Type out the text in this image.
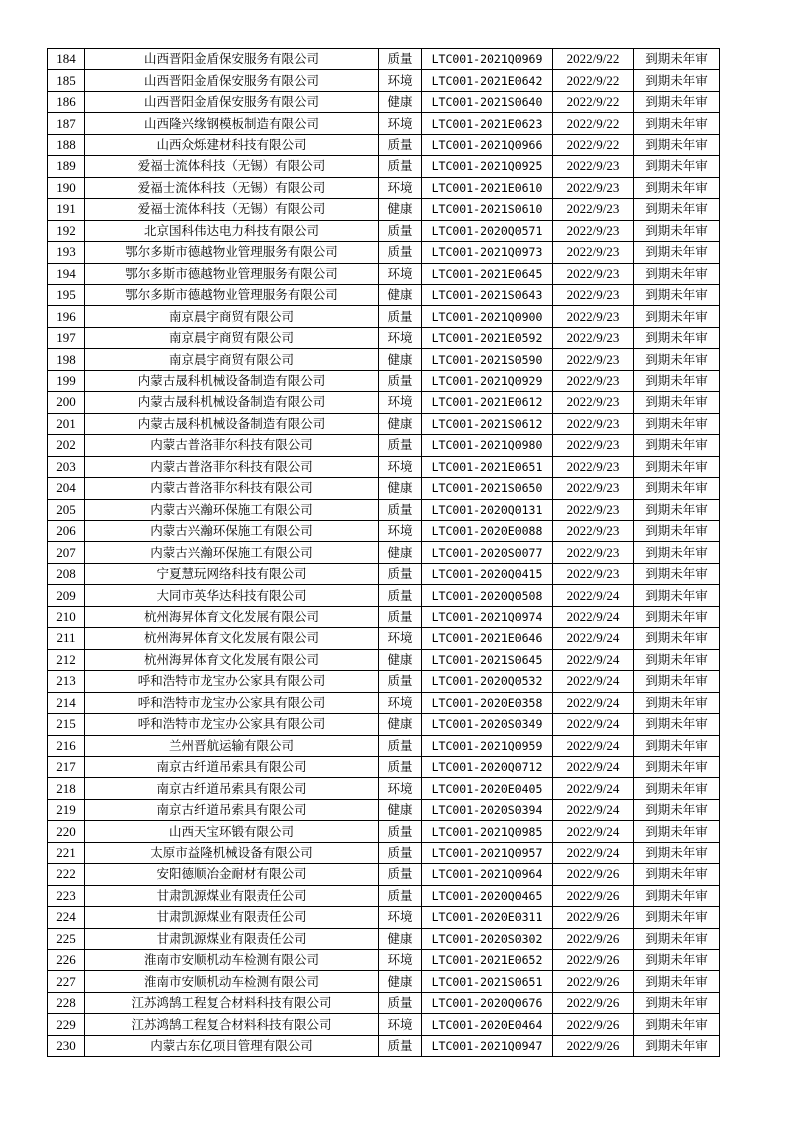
184	山西晋阳金盾保安服务有限公司	质量	LTC001-2021Q0969	2022/9/22	到期未年审
185	山西晋阳金盾保安服务有限公司	环境	LTC001-2021E0642	2022/9/22	到期未年审
186	山西晋阳金盾保安服务有限公司	健康	LTC001-2021S0640	2022/9/22	到期未年审
187	山西隆兴缘钢模板制造有限公司	环境	LTC001-2021E0623	2022/9/22	到期未年审
188	山西众烁建材科技有限公司	质量	LTC001-2021Q0966	2022/9/22	到期未年审
189	爱福士流体科技（无锡）有限公司	质量	LTC001-2021Q0925	2022/9/23	到期未年审
190	爱福士流体科技（无锡）有限公司	环境	LTC001-2021E0610	2022/9/23	到期未年审
191	爱福士流体科技（无锡）有限公司	健康	LTC001-2021S0610	2022/9/23	到期未年审
192	北京国科伟达电力科技有限公司	质量	LTC001-2020Q0571	2022/9/23	到期未年审
193	鄂尔多斯市德越物业管理服务有限公司	质量	LTC001-2021Q0973	2022/9/23	到期未年审
194	鄂尔多斯市德越物业管理服务有限公司	环境	LTC001-2021E0645	2022/9/23	到期未年审
195	鄂尔多斯市德越物业管理服务有限公司	健康	LTC001-2021S0643	2022/9/23	到期未年审
196	南京晨宇商贸有限公司	质量	LTC001-2021Q0900	2022/9/23	到期未年审
197	南京晨宇商贸有限公司	环境	LTC001-2021E0592	2022/9/23	到期未年审
198	南京晨宇商贸有限公司	健康	LTC001-2021S0590	2022/9/23	到期未年审
199	内蒙古晟科机械设备制造有限公司	质量	LTC001-2021Q0929	2022/9/23	到期未年审
200	内蒙古晟科机械设备制造有限公司	环境	LTC001-2021E0612	2022/9/23	到期未年审
201	内蒙古晟科机械设备制造有限公司	健康	LTC001-2021S0612	2022/9/23	到期未年审
202	内蒙古普洛菲尔科技有限公司	质量	LTC001-2021Q0980	2022/9/23	到期未年审
203	内蒙古普洛菲尔科技有限公司	环境	LTC001-2021E0651	2022/9/23	到期未年审
204	内蒙古普洛菲尔科技有限公司	健康	LTC001-2021S0650	2022/9/23	到期未年审
205	内蒙古兴瀚环保施工有限公司	质量	LTC001-2020Q0131	2022/9/23	到期未年审
206	内蒙古兴瀚环保施工有限公司	环境	LTC001-2020E0088	2022/9/23	到期未年审
207	内蒙古兴瀚环保施工有限公司	健康	LTC001-2020S0077	2022/9/23	到期未年审
208	宁夏慧玩网络科技有限公司	质量	LTC001-2020Q0415	2022/9/23	到期未年审
209	大同市英华达科技有限公司	质量	LTC001-2020Q0508	2022/9/24	到期未年审
210	杭州海昇体育文化发展有限公司	质量	LTC001-2021Q0974	2022/9/24	到期未年审
211	杭州海昇体育文化发展有限公司	环境	LTC001-2021E0646	2022/9/24	到期未年审
212	杭州海昇体育文化发展有限公司	健康	LTC001-2021S0645	2022/9/24	到期未年审
213	呼和浩特市龙宝办公家具有限公司	质量	LTC001-2020Q0532	2022/9/24	到期未年审
214	呼和浩特市龙宝办公家具有限公司	环境	LTC001-2020E0358	2022/9/24	到期未年审
215	呼和浩特市龙宝办公家具有限公司	健康	LTC001-2020S0349	2022/9/24	到期未年审
216	兰州晋航运输有限公司	质量	LTC001-2021Q0959	2022/9/24	到期未年审
217	南京古纤道吊索具有限公司	质量	LTC001-2020Q0712	2022/9/24	到期未年审
218	南京古纤道吊索具有限公司	环境	LTC001-2020E0405	2022/9/24	到期未年审
219	南京古纤道吊索具有限公司	健康	LTC001-2020S0394	2022/9/24	到期未年审
220	山西天宝环锻有限公司	质量	LTC001-2021Q0985	2022/9/24	到期未年审
221	太原市益隆机械设备有限公司	质量	LTC001-2021Q0957	2022/9/24	到期未年审
222	安阳德顺冶金耐材有限公司	质量	LTC001-2021Q0964	2022/9/26	到期未年审
223	甘肃凯源煤业有限责任公司	质量	LTC001-2020Q0465	2022/9/26	到期未年审
224	甘肃凯源煤业有限责任公司	环境	LTC001-2020E0311	2022/9/26	到期未年审
225	甘肃凯源煤业有限责任公司	健康	LTC001-2020S0302	2022/9/26	到期未年审
226	淮南市安顺机动车检测有限公司	环境	LTC001-2021E0652	2022/9/26	到期未年审
227	淮南市安顺机动车检测有限公司	健康	LTC001-2021S0651	2022/9/26	到期未年审
228	江苏鸿鹄工程复合材料科技有限公司	质量	LTC001-2020Q0676	2022/9/26	到期未年审
229	江苏鸿鹄工程复合材料科技有限公司	环境	LTC001-2020E0464	2022/9/26	到期未年审
230	内蒙古东亿项目管理有限公司	质量	LTC001-2021Q0947	2022/9/26	到期未年审
